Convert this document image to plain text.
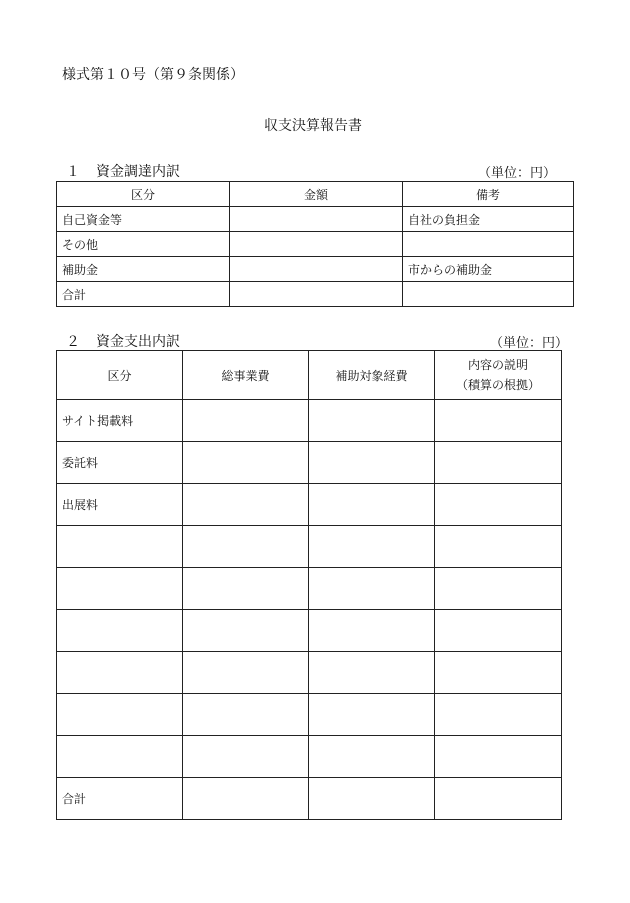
様式第１０号（第９条関係）
収支決算報告書
１ 資金調達内訳	（単位：円）
区分	金額	備考
自己資金等		自社の負担金
その他		
補助金		市からの補助金
合計		
２ 資金支出内訳	（単位：円）
区分	総事業費	補助対象経費	内容の説明
（積算の根拠）

サイト掲載料			
委託料			
出展料			

合計			
